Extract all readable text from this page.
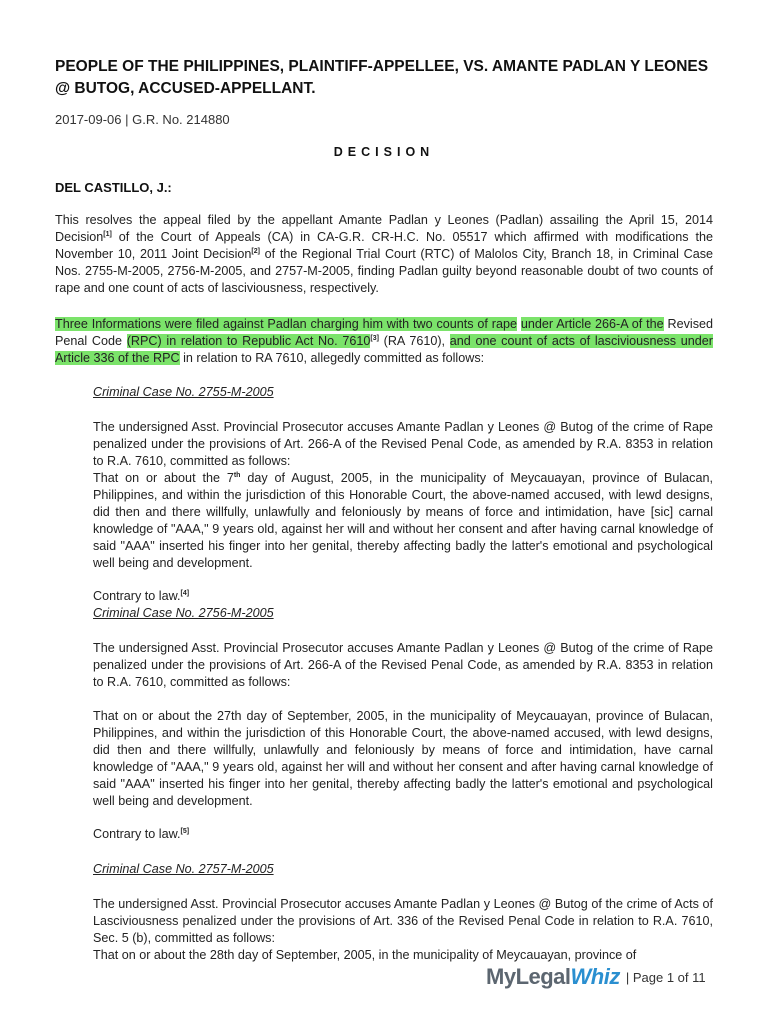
PEOPLE OF THE PHILIPPINES, PLAINTIFF-APPELLEE, VS. AMANTE PADLAN Y LEONES @ BUTOG, ACCUSED-APPELLANT.
2017-09-06 | G.R. No. 214880
DECISION
DEL CASTILLO, J.:

This resolves the appeal filed by the appellant Amante Padlan y Leones (Padlan) assailing the April 15, 2014 Decision[1] of the Court of Appeals (CA) in CA-G.R. CR-H.C. No. 05517 which affirmed with modifications the November 10, 2011 Joint Decision[2] of the Regional Trial Court (RTC) of Malolos City, Branch 18, in Criminal Case Nos. 2755-M-2005, 2756-M-2005, and 2757-M-2005, finding Padlan guilty beyond reasonable doubt of two counts of rape and one count of acts of lasciviousness, respectively.

Three Informations were filed against Padlan charging him with two counts of rape under Article 266-A of the Revised Penal Code (RPC) in relation to Republic Act No. 7610[3] (RA 7610), and one count of acts of lasciviousness under Article 336 of the RPC in relation to RA 7610, allegedly committed as follows:

Criminal Case No. 2755-M-2005

The undersigned Asst. Provincial Prosecutor accuses Amante Padlan y Leones @ Butog of the crime of Rape penalized under the provisions of Art. 266-A of the Revised Penal Code, as amended by R.A. 8353 in relation to R.A. 7610, committed as follows:

That on or about the 7th day of August, 2005, in the municipality of Meycauayan, province of Bulacan, Philippines, and within the jurisdiction of this Honorable Court, the above-named accused, with lewd designs, did then and there willfully, unlawfully and feloniously by means of force and intimidation, have [sic] carnal knowledge of "AAA," 9 years old, against her will and without her consent and after having carnal knowledge of said "AAA" inserted his finger into her genital, thereby affecting badly the latter's emotional and psychological well being and development.

Contrary to law.[4]

Criminal Case No. 2756-M-2005

The undersigned Asst. Provincial Prosecutor accuses Amante Padlan y Leones @ Butog of the crime of Rape penalized under the provisions of Art. 266-A of the Revised Penal Code, as amended by R.A. 8353 in relation to R.A. 7610, committed as follows:

That on or about the 27th day of September, 2005, in the municipality of Meycauayan, province of Bulacan, Philippines, and within the jurisdiction of this Honorable Court, the above-named accused, with lewd designs, did then and there willfully, unlawfully and feloniously by means of force and intimidation, have carnal knowledge of "AAA," 9 years old, against her will and without her consent and after having carnal knowledge of said "AAA" inserted his finger into her genital, thereby affecting badly the latter's emotional and psychological well being and development.

Contrary to law.[5]

Criminal Case No. 2757-M-2005

The undersigned Asst. Provincial Prosecutor accuses Amante Padlan y Leones @ Butog of the crime of Acts of Lasciviousness penalized under the provisions of Art. 336 of the Revised Penal Code in relation to R.A. 7610, Sec. 5 (b), committed as follows:

That on or about the 28th day of September, 2005, in the municipality of Meycauayan, province of

MyLegalWhiz | Page 1 of 11
